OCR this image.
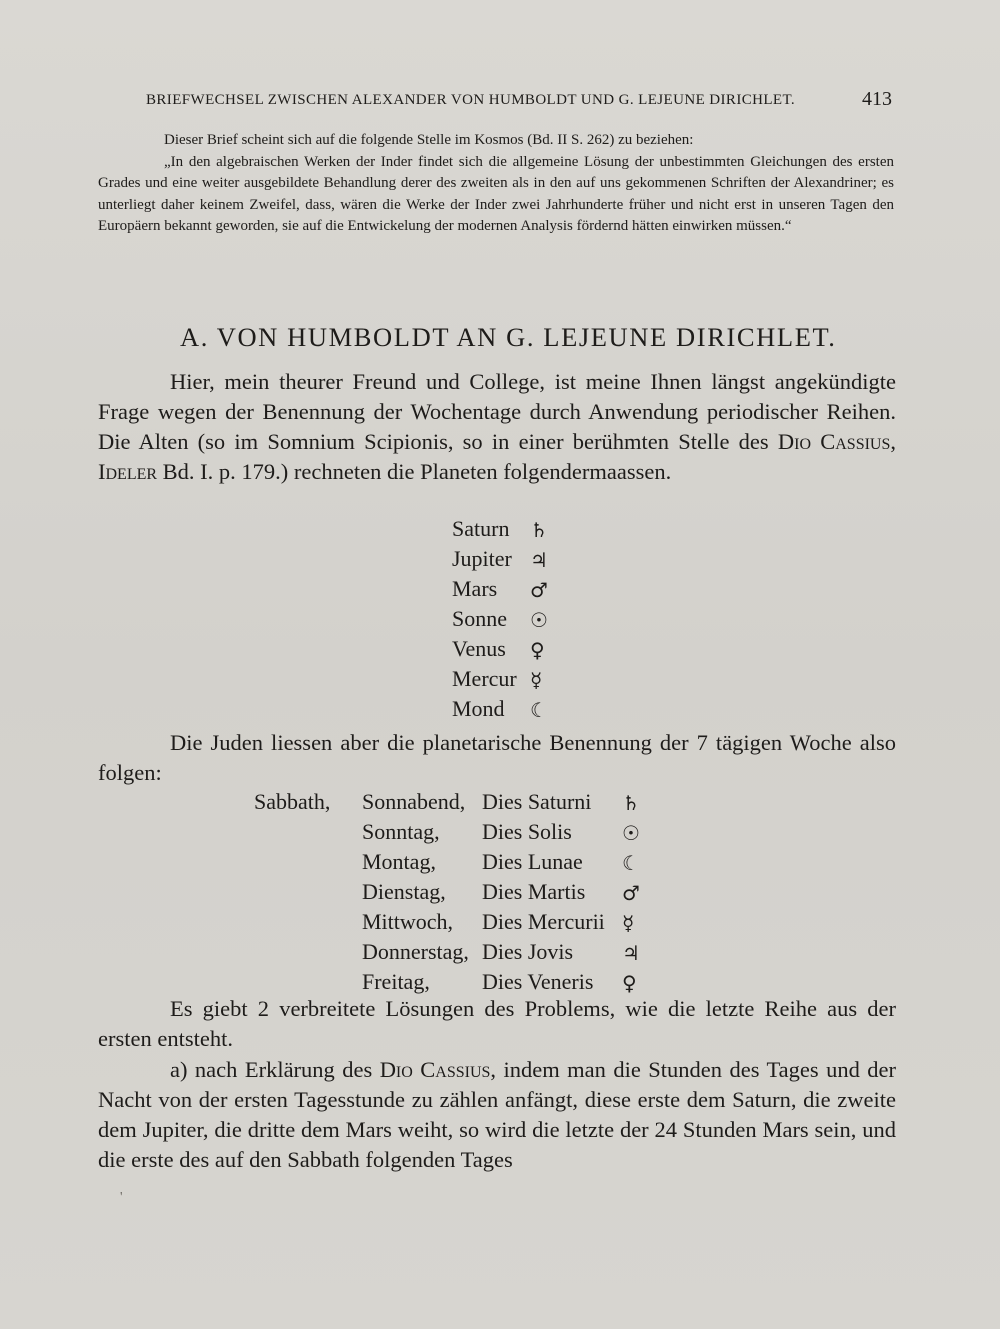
BRIEFWECHSEL ZWISCHEN ALEXANDER VON HUMBOLDT UND G. LEJEUNE DIRICHLET.	413

Dieser Brief scheint sich auf die folgende Stelle im Kosmos (Bd. II S. 262) zu beziehen:

„In den algebraischen Werken der Inder findet sich die allgemeine Lösung der unbestimmten Gleichungen des ersten Grades und eine weiter ausgebildete Behandlung derer des zweiten als in den auf uns gekommenen Schriften der Alexandriner; es unterliegt daher keinem Zweifel, dass, wären die Werke der Inder zwei Jahrhunderte früher und nicht erst in unseren Tagen den Europäern bekannt geworden, sie auf die Entwickelung der modernen Analysis fördernd hätten einwirken müssen.“

A. VON HUMBOLDT AN G. LEJEUNE DIRICHLET.
Hier, mein theurer Freund und College, ist meine Ihnen längst angekündigte Frage wegen der Benennung der Wochentage durch Anwendung periodischer Reihen. Die Alten (so im Somnium Scipionis, so in einer berühmten Stelle des Dio Cassius, Ideler Bd. I. p. 179.) rechneten die Planeten folgendermaassen.
Saturn ♄
Jupiter ♃
Mars ♂
Sonne ☉
Venus ♀
Mercur ☿
Mond ☾
Die Juden liessen aber die planetarische Benennung der 7 tägigen Woche also folgen:
Sabbath, Sonnabend, Dies Saturni ♄
Sonntag, Dies Solis	☉
Montag, Dies Lunae ☾
Dienstag, Dies Martis ♂
Mittwoch, Dies Mercurii ☿
Donnerstag, Dies Jovis ♃
Freitag, Dies Veneris ♀
Es giebt 2 verbreitete Lösungen des Problems, wie die letzte Reihe aus der ersten entsteht.
a) nach Erklärung des Dio Cassius, indem man die Stunden des Tages und der Nacht von der ersten Tagesstunde zu zählen anfängt, diese erste dem Saturn, die zweite dem Jupiter, die dritte dem Mars weiht, so wird die letzte der 24 Stunden Mars sein, und die erste des auf den Sabbath folgenden Tages
'
